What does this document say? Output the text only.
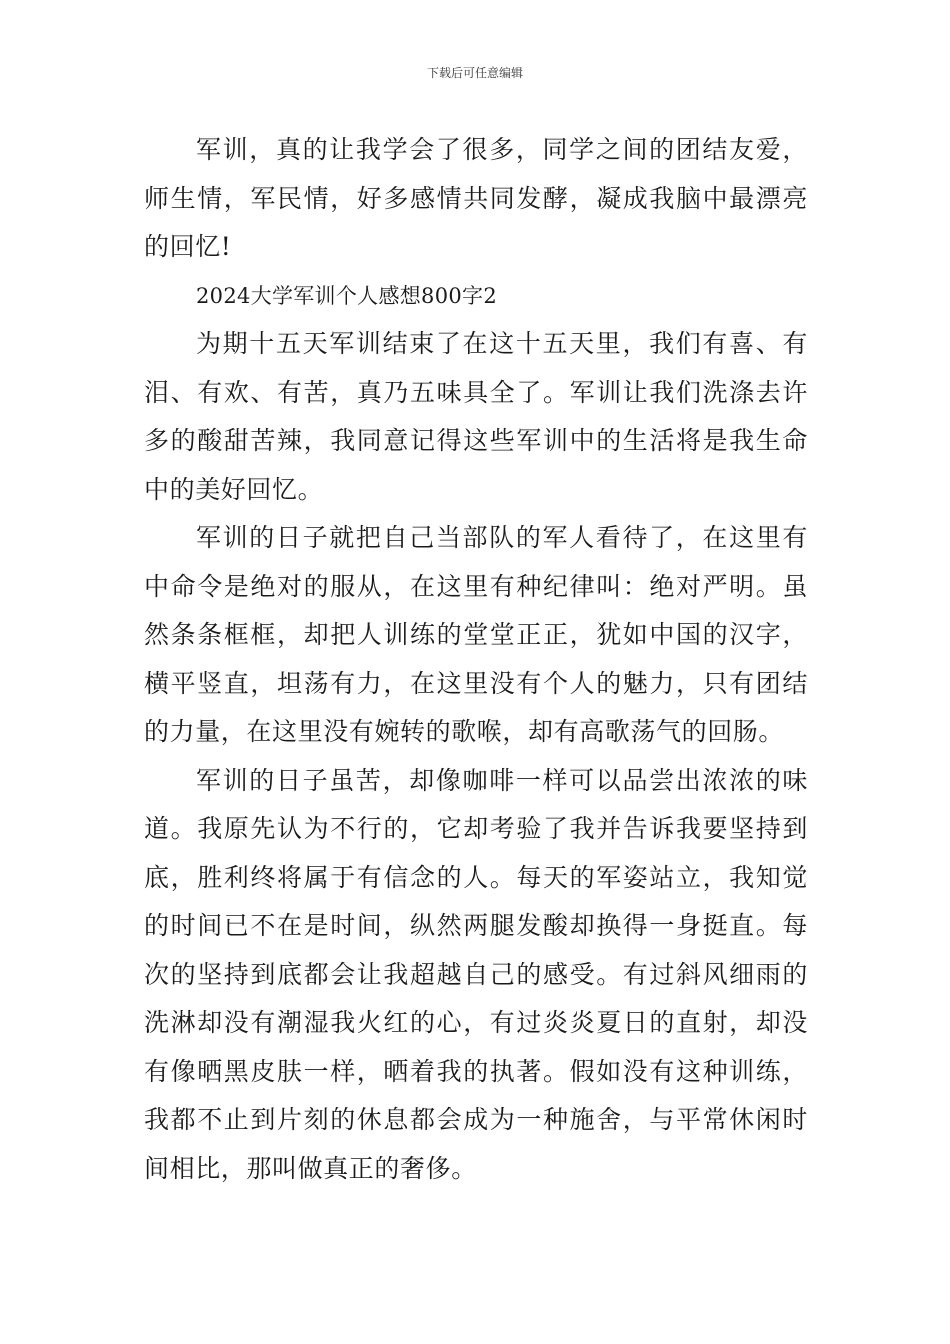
下载后可任意编辑

军训，真的让我学会了很多，同学之间的团结友爱，师生情，军民情，好多感情共同发酵，凝成我脑中最漂亮的回忆!

2024大学军训个人感想800字2

为期十五天军训结束了在这十五天里，我们有喜、有泪、有欢、有苦，真乃五味具全了。军训让我们洗涤去许多的酸甜苦辣，我同意记得这些军训中的生活将是我生命中的美好回忆。

军训的日子就把自己当部队的军人看待了，在这里有中命令是绝对的服从，在这里有种纪律叫：绝对严明。虽然条条框框，却把人训练的堂堂正正，犹如中国的汉字，横平竖直，坦荡有力，在这里没有个人的魅力，只有团结的力量，在这里没有婉转的歌喉，却有高歌荡气的回肠。

军训的日子虽苦，却像咖啡一样可以品尝出浓浓的味道。我原先认为不行的，它却考验了我并告诉我要坚持到底，胜利终将属于有信念的人。每天的军姿站立，我知觉的时间已不在是时间，纵然两腿发酸却换得一身挺直。每次的坚持到底都会让我超越自己的感受。有过斜风细雨的洗淋却没有潮湿我火红的心，有过炎炎夏日的直射，却没有像晒黑皮肤一样，晒着我的执著。假如没有这种训练，我都不止到片刻的休息都会成为一种施舍，与平常休闲时间相比，那叫做真正的奢侈。
